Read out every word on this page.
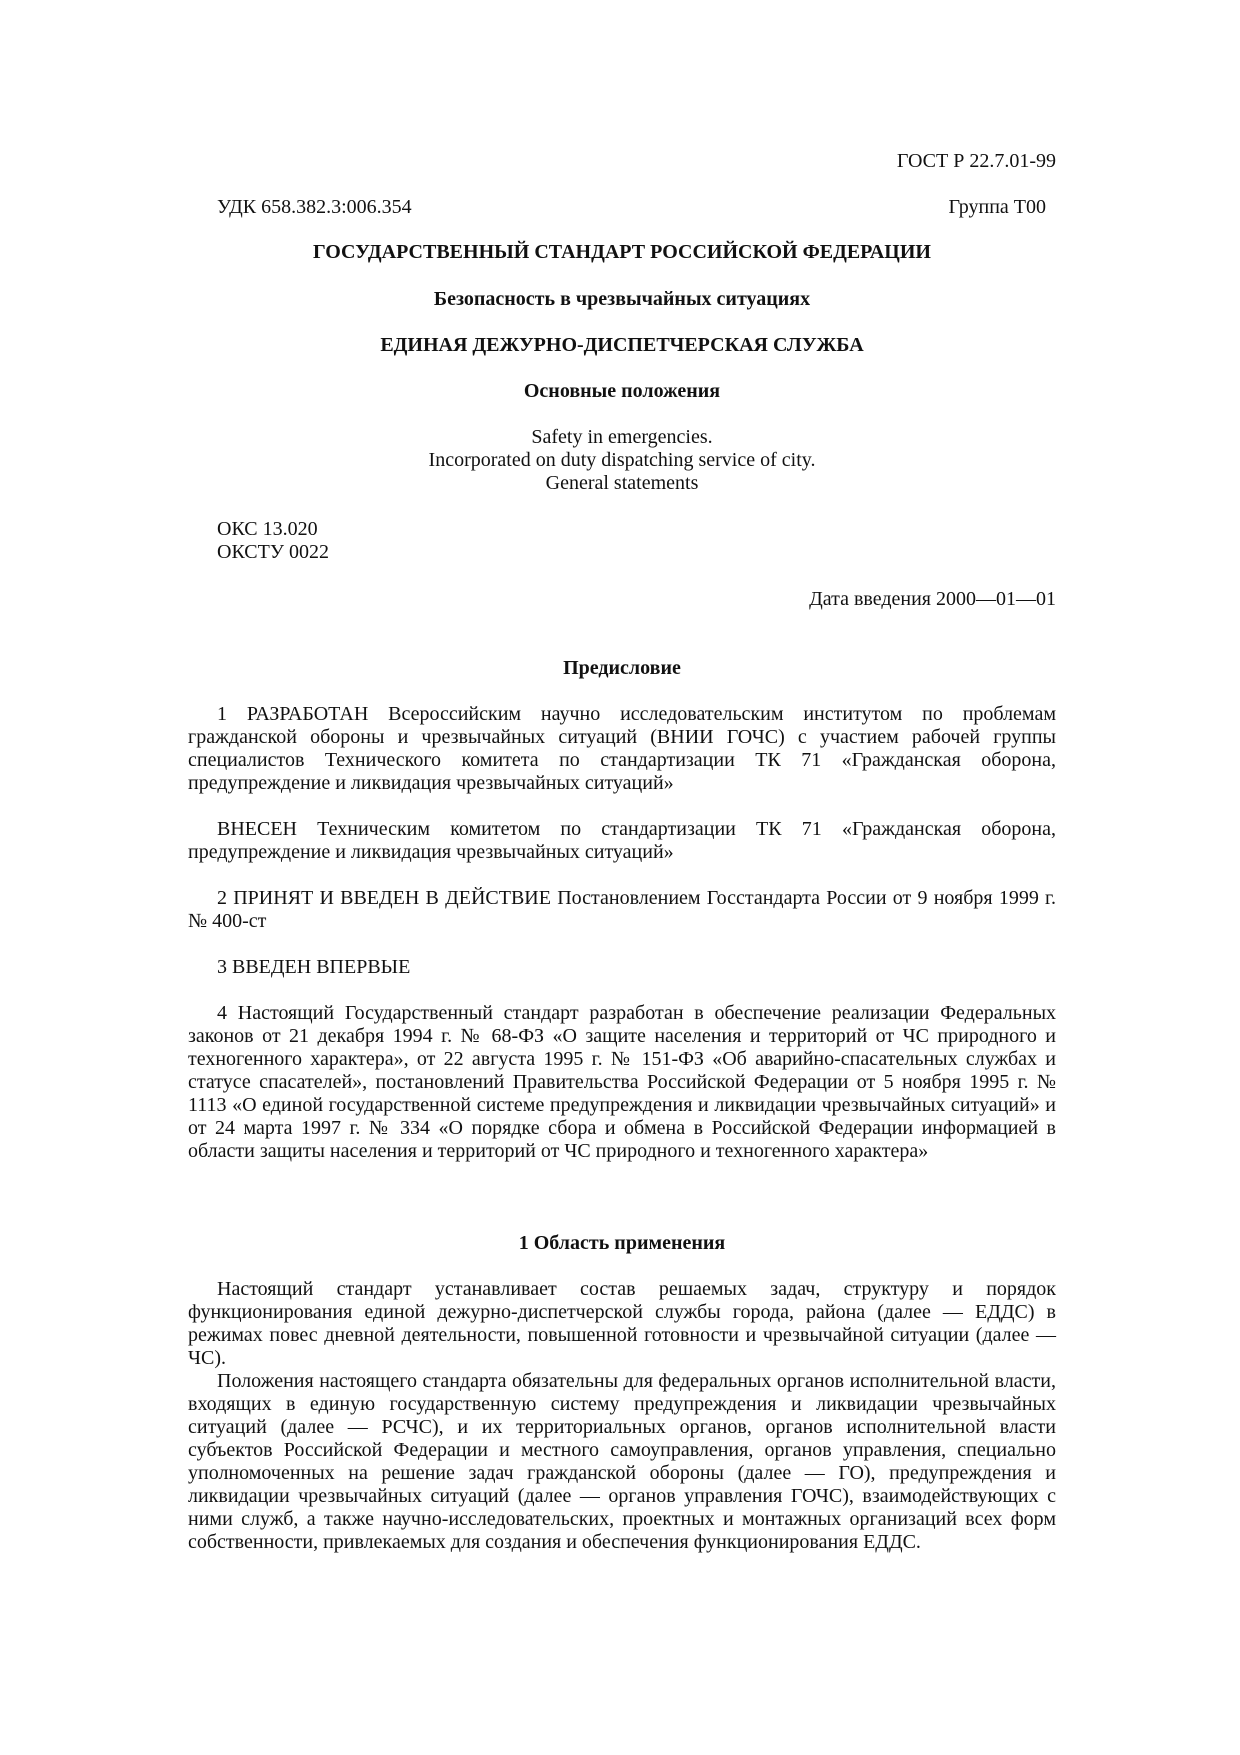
ГОСТ Р 22.7.01-99

УДК 658.382.3:006.354	Группа Т00

ГОСУДАРСТВЕННЫЙ СТАНДАРТ РОССИЙСКОЙ ФЕДЕРАЦИИ

Безопасность в чрезвычайных ситуациях

ЕДИНАЯ ДЕЖУРНО-ДИСПЕТЧЕРСКАЯ СЛУЖБА

Основные положения

Safety in emergencies.

Incorporated on duty dispatching service of city.

General statements

ОКС 13.020

ОКСТУ 0022

Дата введения 2000—01—01

Предисловие

1 РАЗРАБОТАН Всероссийским научно исследовательским институтом по проблемам гражданской обороны и чрезвычайных ситуаций (ВНИИ ГОЧС) с участием рабочей группы специалистов Технического комитета по стандартизации ТК 71 «Гражданская оборона, предупреждение и ликвидация чрезвычайных ситуаций»

ВНЕСЕН Техническим комитетом по стандартизации ТК 71 «Гражданская оборона, предупреждение и ликвидация чрезвычайных ситуаций»

2 ПРИНЯТ И ВВЕДЕН В ДЕЙСТВИЕ Постановлением Госстандарта России от 9 ноября 1999 г. № 400-ст

3 ВВЕДЕН ВПЕРВЫЕ

4 Настоящий Государственный стандарт разработан в обеспечение реализации Федеральных законов от 21 декабря 1994 г. № 68-ФЗ «О защите населения и территорий от ЧС природного и техногенного характера», от 22 августа 1995 г. № 151-ФЗ «Об аварийно-спасательных службах и статусе спасателей», постановлений Правительства Российской Федерации от 5 ноября 1995 г. № 1113 «О единой государственной системе предупреждения и ликвидации чрезвычайных ситуаций» и от 24 марта 1997 г. № 334 «О порядке сбора и обмена в Российской Федерации информацией в области защиты населения и территорий от ЧС природного и техногенного характера»

1 Область применения

Настоящий стандарт устанавливает состав решаемых задач, структуру и порядок функционирования единой дежурно-диспетчерской службы города, района (далее — ЕДДС) в режимах повес дневной деятельности, повышенной готовности и чрезвычайной ситуации (далее — ЧС).

Положения настоящего стандарта обязательны для федеральных органов исполнительной власти, входящих в единую государственную систему предупреждения и ликвидации чрезвычайных ситуаций (далее — РСЧС), и их территориальных органов, органов исполнительной власти субъектов Российской Федерации и местного самоуправления, органов управления, специально уполномоченных на решение задач гражданской обороны (далее — ГО), предупреждения и ликвидации чрезвычайных ситуаций (далее — органов управления ГОЧС), взаимодействующих с ними служб, а также научно-исследовательских, проектных и монтажных организаций всех форм собственности, привлекаемых для создания и обеспечения функционирования ЕДДС.
